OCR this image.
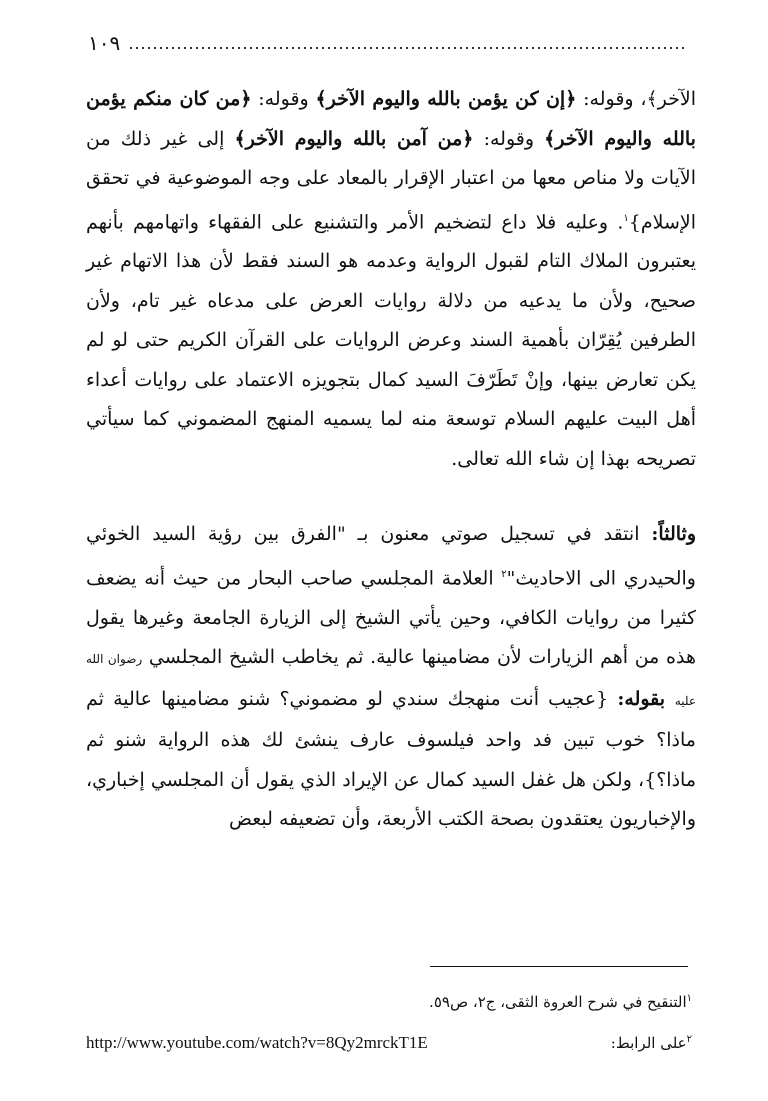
١٠٩

الآخر﴾، وقوله: ﴿إن كن يؤمن بالله واليوم الآخر﴾ وقوله: ﴿من كان منكم يؤمن بالله واليوم الآخر﴾ وقوله: ﴿من آمن بالله واليوم الآخر﴾ إلى غير ذلك من الآيات ولا مناص معها من اعتبار الإقرار بالمعاد على وجه الموضوعية في تحقق الإسلام}$^١$. وعليه فلا داع لتضخيم الأمر والتشنيع على الفقهاء واتهامهم بأنهم يعتبرون الملاك التام لقبول الرواية وعدمه هو السند فقط لأن هذا الاتهام غير صحيح، ولأن ما يدعيه من دلالة روايات العرض على مدعاه غير تام، ولأن الطرفين يُقِرّان بأهمية السند وعرض الروايات على القرآن الكريم حتى لو لم يكن تعارض بينها، وإنْ تَطَرّفَ السيد كمال بتجويزه الاعتماد على روايات أعداء أهل البيت عليهم السلام توسعة منه لما يسميه المنهج المضموني كما سيأتي تصريحه بهذا إن شاء الله تعالى.

وثالثاً: انتقد في تسجيل صوتي معنون بـ "الفرق بين رؤية السيد الخوئي والحيدري الى الاحاديث"$^٢$ العلامة المجلسي صاحب البحار من حيث أنه يضعف كثيرا من روايات الكافي، وحين يأتي الشيخ إلى الزيارة الجامعة وغيرها يقول هذه من أهم الزيارات لأن مضامينها عالية. ثم يخاطب الشيخ المجلسي رضوان الله عليه بقوله: {عجيب أنت منهجك سندي لو مضموني؟ شنو مضامينها عالية ثم ماذا؟ خوب تبين فد واحد فيلسوف عارف ينشئ لك هذه الرواية شنو ثم ماذا؟}، ولكن هل غفل السيد كمال عن الإيراد الذي يقول أن المجلسي إخباري، والإخباريون يعتقدون بصحة الكتب الأربعة، وأن تضعيفه لبعض

$^١$التنقيح في شرح العروة الثقى، ج٢، ص٥٩.
$^٢$على الرابط:
http://www.youtube.com/watch?v=8Qy2mrckT1E
